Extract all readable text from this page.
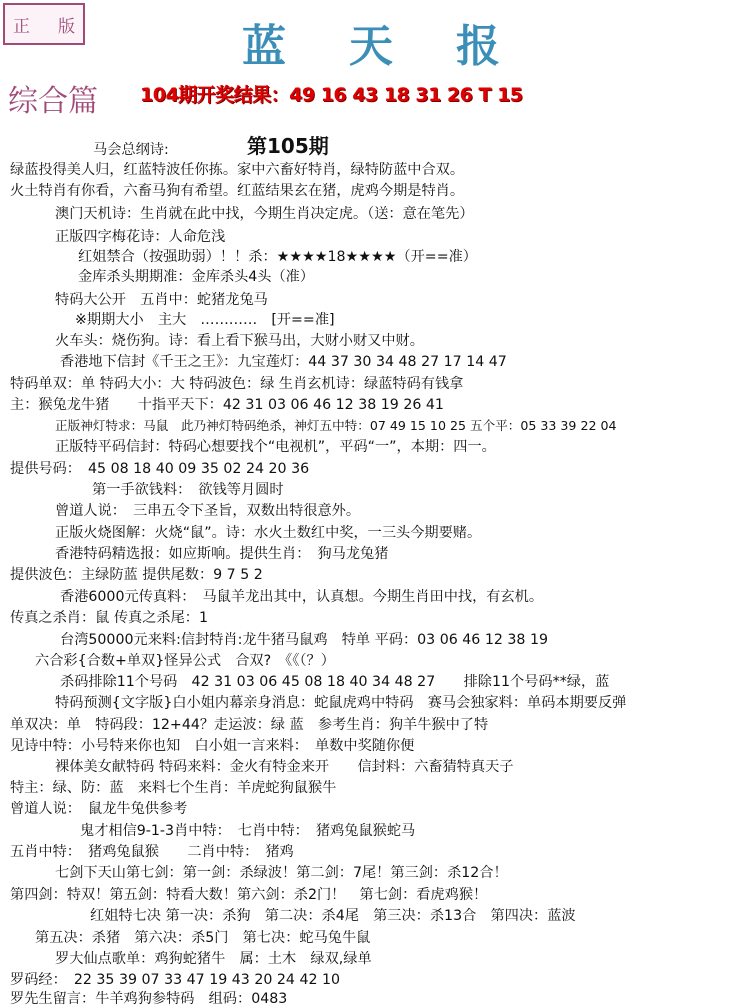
正 版	蓝 天 报
综合篇 104期开奖结果：49 16 43 18 31 26 T 15
第105期
马会总纲诗:
绿蓝投得美人归，红蓝特波任你拣。家中六畜好特肖，绿特防蓝中合双。
火土特肖有你看，六畜马狗有希望。红蓝结果玄在猪，虎鸡今期是特肖。
澳门天机诗：生肖就在此中找，今期生肖决定虎。（送：意在笔先）
正版四字梅花诗：人命危浅
红姐禁合（按强助弱）！！杀：★★★★18★★★★（开==准）
金库杀头期期准：金库杀头4头（准）
特码大公开　五肖中：蛇猪龙兔马
※期期大小　主大　…………　[开==准]
火车头：烧伤狗。诗：看上看下猴马出，大财小财又中财。
香港地下信封《千王之王》：九宝莲灯：44 37 30 34 48 27 17 14 47
特码单双：单 特码大小：大 特码波色：绿 生肖玄机诗：绿蓝特码有钱拿
主：猴兔龙牛猪　　十指平天下：42 31 03 06 46 12 38 19 26 41
正版神灯特求：马鼠　此乃神灯特码绝杀，神灯五中特：07 49 15 10 25 五个平：05 33 39 22 04
正版特平码信封：特码心想要找个“电视机”，平码“一”，本期：四一。
提供号码：　45 08 18 40 09 35 02 24 20 36
第一手欲钱料：　欲钱等月圆时
曾道人说：　三串五令下圣旨，双数出特很意外。
正版火烧图解：火烧“鼠”。诗：水火土数红中奖，一三头今期要赌。
香港特码精选报：如应斯响。提供生肖：　狗马龙兔猪
提供波色：主绿防蓝 提供尾数：9 7 5 2
香港6000元传真料：　马鼠羊龙出其中，认真想。今期生肖田中找，有玄机。
传真之杀肖：鼠 传真之杀尾：1
台湾50000元来料:信封特肖:龙牛猪马鼠鸡　特单 平码：03 06 46 12 38 19
六合彩{合数+单双}怪异公式　合双?　《《（？）
杀码排除11个号码　42 31 03 06 45 08 18 40 34 48 27　　排除11个号码**绿，蓝
特码预测{文字版}白小姐内幕亲身消息：蛇鼠虎鸡中特码　赛马会独家料：单码本期要反弹
单双决：单　特码段：12+44？走运波：绿 蓝　参考生肖：狗羊牛猴中了特
见诗中特：小号特来你也知　白小姐一言来料：　单数中奖随你便
裸体美女献特码 特码来料：金火有特金来开　　信封料：六畜猜特真天子
特主：绿、防：蓝　来料七个生肖：羊虎蛇狗鼠猴牛
曾道人说：　鼠龙牛兔供参考
鬼才相信9-1-3肖中特：　七肖中特：　猪鸡兔鼠猴蛇马
五肖中特：　猪鸡兔鼠猴　　二肖中特：　猪鸡
七剑下天山第七剑：第一剑：杀绿波！第二剑：7尾！第三剑：杀12合！
第四剑：特双！第五剑：特看大数！第六剑：杀2门！　第七剑：看虎鸡猴！
红姐特七决 第一决：杀狗　第二决：杀4尾　第三决：杀13合　第四决：蓝波
第五决：杀猪　第六决：杀5门　第七决：蛇马兔牛鼠
罗大仙点歌单：鸡狗蛇猪牛　属：土木　绿双,绿单
罗码经：　22 35 39 07 33 47 19 43 20 24 42 10
罗先生留言：牛羊鸡狗参特码　组码：0483
